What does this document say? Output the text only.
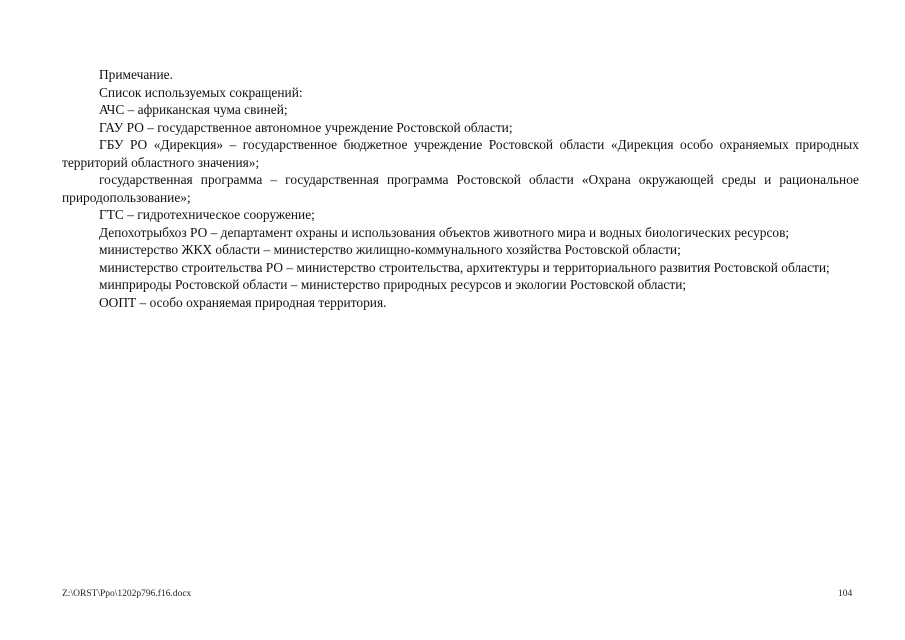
Примечание.

Список используемых сокращений:

АЧС – африканская чума свиней;

ГАУ РО – государственное автономное учреждение Ростовской области;

ГБУ РО «Дирекция» – государственное бюджетное учреждение Ростовской области «Дирекция особо охраняемых природных территорий областного значения»;

государственная программа – государственная программа Ростовской области «Охрана окружающей среды и рациональное природопользование»;

ГТС – гидротехническое сооружение;

Депохотрыбхоз РО – департамент охраны и использования объектов животного мира и водных биологических ресурсов;

министерство ЖКХ области – министерство жилищно-коммунального хозяйства Ростовской области;

министерство строительства РО – министерство строительства, архитектуры и территориального развития Ростовской области;

минприроды Ростовской области – министерство природных ресурсов и экологии Ростовской области;

ООПТ – особо охраняемая природная территория.

Z:\ORST\Ppo\1202p796.f16.docx	104
